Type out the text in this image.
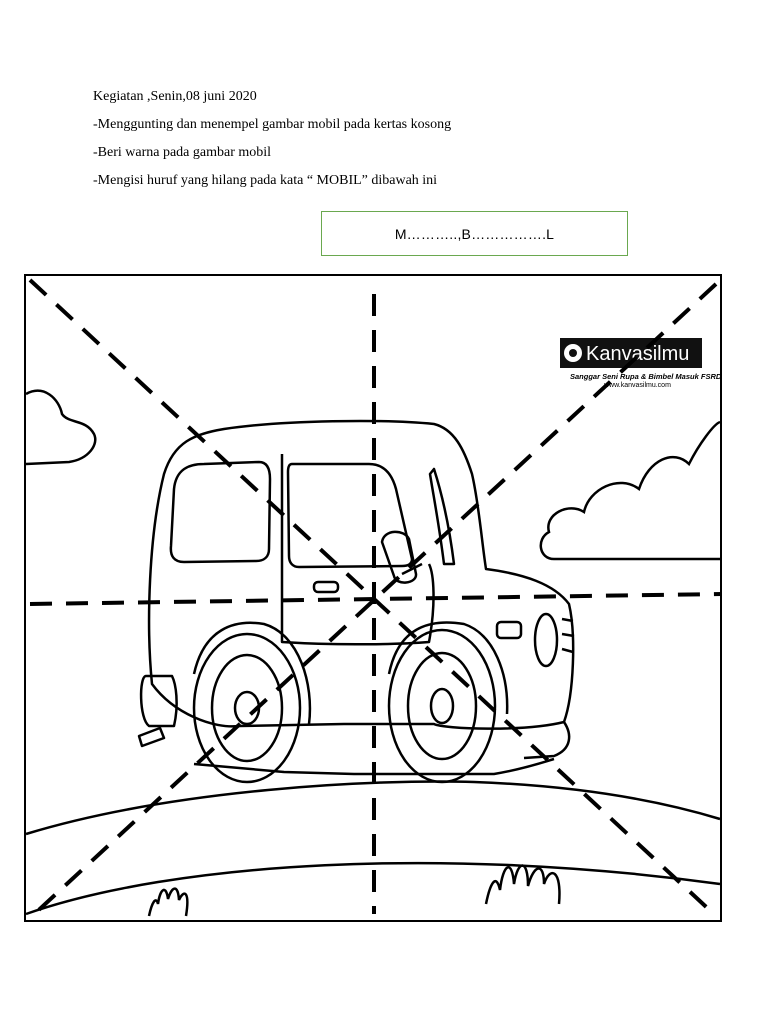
Kegiatan ,Senin,08 juni 2020
-Menggunting dan menempel gambar mobil pada kertas kosong
-Beri warna pada gambar mobil
-Mengisi huruf yang hilang pada kata “ MOBIL” dibawah ini
M………..,B…………….L
Kanvasilmu
Sanggar Seni Rupa & Bimbel Masuk FSRD
www.kanvasilmu.com
